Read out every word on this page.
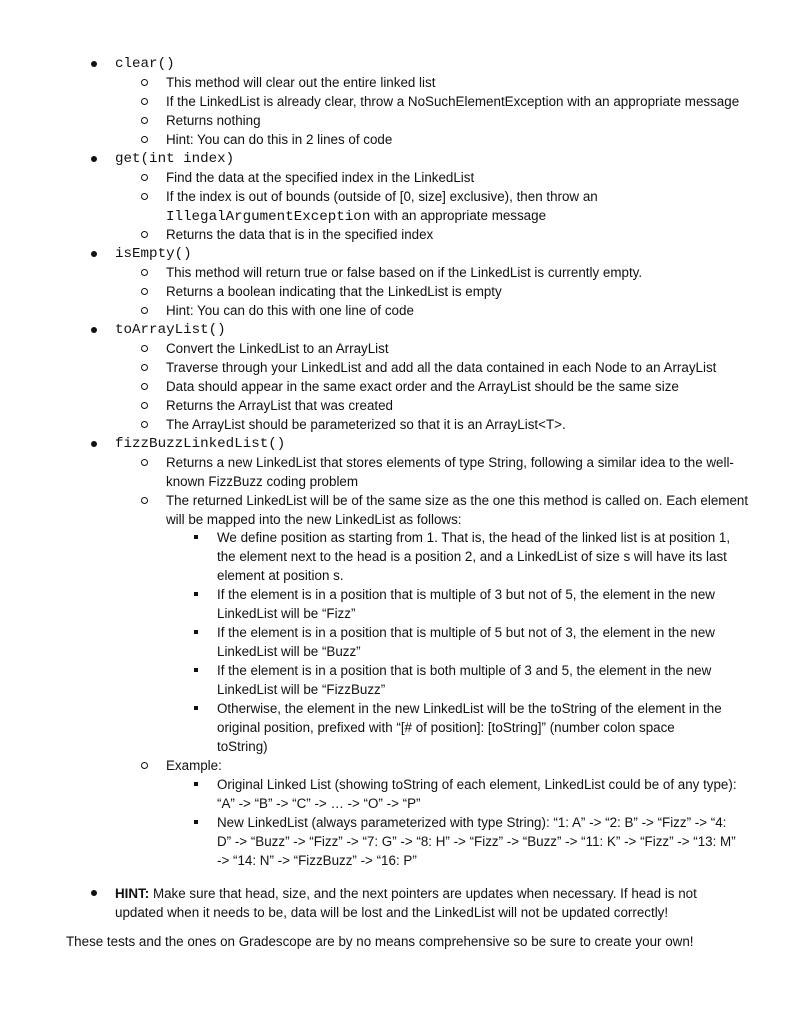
clear()
This method will clear out the entire linked list
If the LinkedList is already clear, throw a NoSuchElementException with an appropriate message
Returns nothing
Hint: You can do this in 2 lines of code
get(int index)
Find the data at the specified index in the LinkedList
If the index is out of bounds (outside of [0, size] exclusive), then throw an
IllegalArgumentException with an appropriate message
Returns the data that is in the specified index
isEmpty()
This method will return true or false based on if the LinkedList is currently empty.
Returns a boolean indicating that the LinkedList is empty
Hint: You can do this with one line of code
toArrayList()
Convert the LinkedList to an ArrayList
Traverse through your LinkedList and add all the data contained in each Node to an ArrayList
Data should appear in the same exact order and the ArrayList should be the same size
Returns the ArrayList that was created
The ArrayList should be parameterized so that it is an ArrayList<T>.
fizzBuzzLinkedList()
Returns a new LinkedList that stores elements of type String, following a similar idea to the well-
known FizzBuzz coding problem
The returned LinkedList will be of the same size as the one this method is called on. Each element
will be mapped into the new LinkedList as follows:
We define position as starting from 1. That is, the head of the linked list is at position 1,
the element next to the head is a position 2, and a LinkedList of size s will have its last
element at position s.
If the element is in a position that is multiple of 3 but not of 5, the element in the new
LinkedList will be “Fizz”
If the element is in a position that is multiple of 5 but not of 3, the element in the new
LinkedList will be “Buzz”
If the element is in a position that is both multiple of 3 and 5, the element in the new
LinkedList will be “FizzBuzz”
Otherwise, the element in the new LinkedList will be the toString of the element in the
original position, prefixed with “[# of position]: [toString]” (number colon space
toString)
Example:
Original Linked List (showing toString of each element, LinkedList could be of any type):
“A” -> “B” -> “C” -> … -> “O” -> “P”
New LinkedList (always parameterized with type String): “1: A” -> “2: B” -> “Fizz” -> “4:
D” -> “Buzz” -> “Fizz” -> “7: G” -> “8: H” -> “Fizz” -> “Buzz” -> “11: K” -> “Fizz” -> “13: M”
-> “14: N” -> “FizzBuzz” -> “16: P”
HINT: Make sure that head, size, and the next pointers are updates when necessary. If head is not
updated when it needs to be, data will be lost and the LinkedList will not be updated correctly!
These tests and the ones on Gradescope are by no means comprehensive so be sure to create your own!
